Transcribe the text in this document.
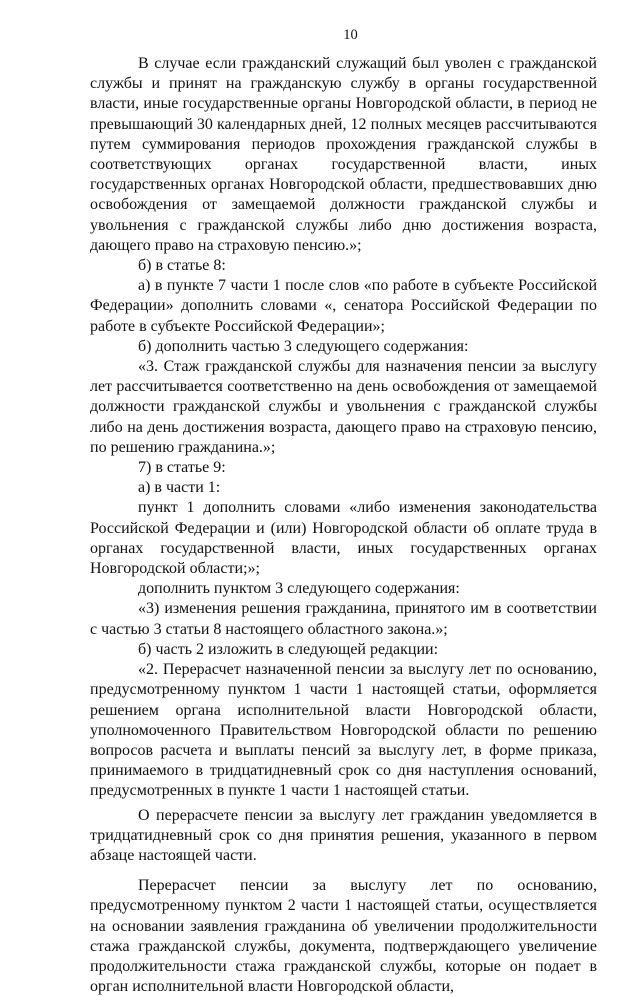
10

В случае если гражданский служащий был уволен с гражданской службы и принят на гражданскую службу в органы государственной власти, иные государственные органы Новгородской области, в период не превышающий 30 календарных дней, 12 полных месяцев рассчитываются путем суммирования периодов прохождения гражданской службы в соответствующих органах государственной власти, иных государственных органах Новгородской области, предшествовавших дню освобождения от замещаемой должности гражданской службы и увольнения с гражданской службы либо дню достижения возраста, дающего право на страховую пенсию.»;

б) в статье 8:

а) в пункте 7 части 1 после слов «по работе в субъекте Российской Федерации» дополнить словами «, сенатора Российской Федерации по работе в субъекте Российской Федерации»;

б) дополнить частью 3 следующего содержания:

«3. Стаж гражданской службы для назначения пенсии за выслугу лет рассчитывается соответственно на день освобождения от замещаемой должности гражданской службы и увольнения с гражданской службы либо на день достижения возраста, дающего право на страховую пенсию, по решению гражданина.»;

7) в статье 9:

а) в части 1:

пункт 1 дополнить словами «либо изменения законодательства Российской Федерации и (или) Новгородской области об оплате труда в органах государственной власти, иных государственных органах Новгородской области;»;

дополнить пунктом 3 следующего содержания:

«3) изменения решения гражданина, принятого им в соответствии с частью 3 статьи 8 настоящего областного закона.»;

б) часть 2 изложить в следующей редакции:

«2. Перерасчет назначенной пенсии за выслугу лет по основанию, предусмотренному пунктом 1 части 1 настоящей статьи, оформляется решением органа исполнительной власти Новгородской области, уполномоченного Правительством Новгородской области по решению вопросов расчета и выплаты пенсий за выслугу лет, в форме приказа, принимаемого в тридцатидневный срок со дня наступления оснований, предусмотренных в пункте 1 части 1 настоящей статьи.

О перерасчете пенсии за выслугу лет гражданин уведомляется в тридцатидневный срок со дня принятия решения, указанного в первом абзаце настоящей части.

Перерасчет пенсии за выслугу лет по основанию, предусмотренному пунктом 2 части 1 настоящей статьи, осуществляется на основании заявления гражданина об увеличении продолжительности стажа гражданской службы, документа, подтверждающего увеличение продолжительности стажа гражданской службы, которые он подает в орган исполнительной власти Новгородской области,
